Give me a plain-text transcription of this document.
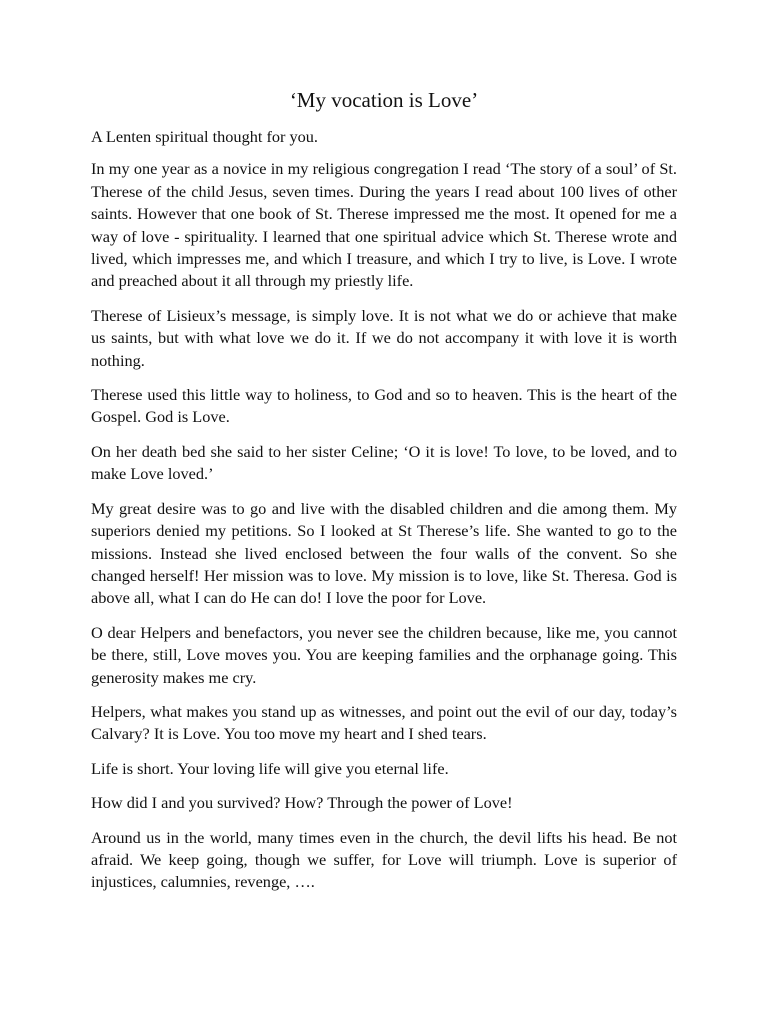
‘My vocation is Love’

A Lenten spiritual thought for you.

In my one year as a novice in my religious congregation I read ‘The story of a soul’ of St. Therese of the child Jesus, seven times. During the years I read about 100 lives of other saints. However that one book of St. Therese impressed me the most. It opened for me a way of love - spirituality. I learned that one spiritual advice which St. Therese wrote and lived, which impresses me, and which I treasure, and which I try to live, is Love. I wrote and preached about it all through my priestly life.

Therese of Lisieux’s message, is simply love. It is not what we do or achieve that make us saints, but with what love we do it. If we do not accompany it with love it is worth nothing.

Therese used this little way to holiness, to God and so to heaven. This is the heart of the Gospel. God is Love.

On her death bed she said to her sister Celine; ‘O it is love! To love, to be loved, and to make Love loved.’

My great desire was to go and live with the disabled children and die among them. My superiors denied my petitions. So I looked at St Therese’s life. She wanted to go to the missions. Instead she lived enclosed between the four walls of the convent. So she changed herself! Her mission was to love. My mission is to love, like St. Theresa. God is above all, what I can do He can do! I love the poor for Love.

O dear Helpers and benefactors, you never see the children because, like me, you cannot be there, still, Love moves you. You are keeping families and the orphanage going. This generosity makes me cry.

Helpers, what makes you stand up as witnesses, and point out the evil of our day, today’s Calvary? It is Love. You too move my heart and I shed tears.

Life is short. Your loving life will give you eternal life.

How did I and you survived? How? Through the power of Love!

Around us in the world, many times even in the church, the devil lifts his head. Be not afraid. We keep going, though we suffer, for Love will triumph. Love is superior of injustices, calumnies, revenge, ….
